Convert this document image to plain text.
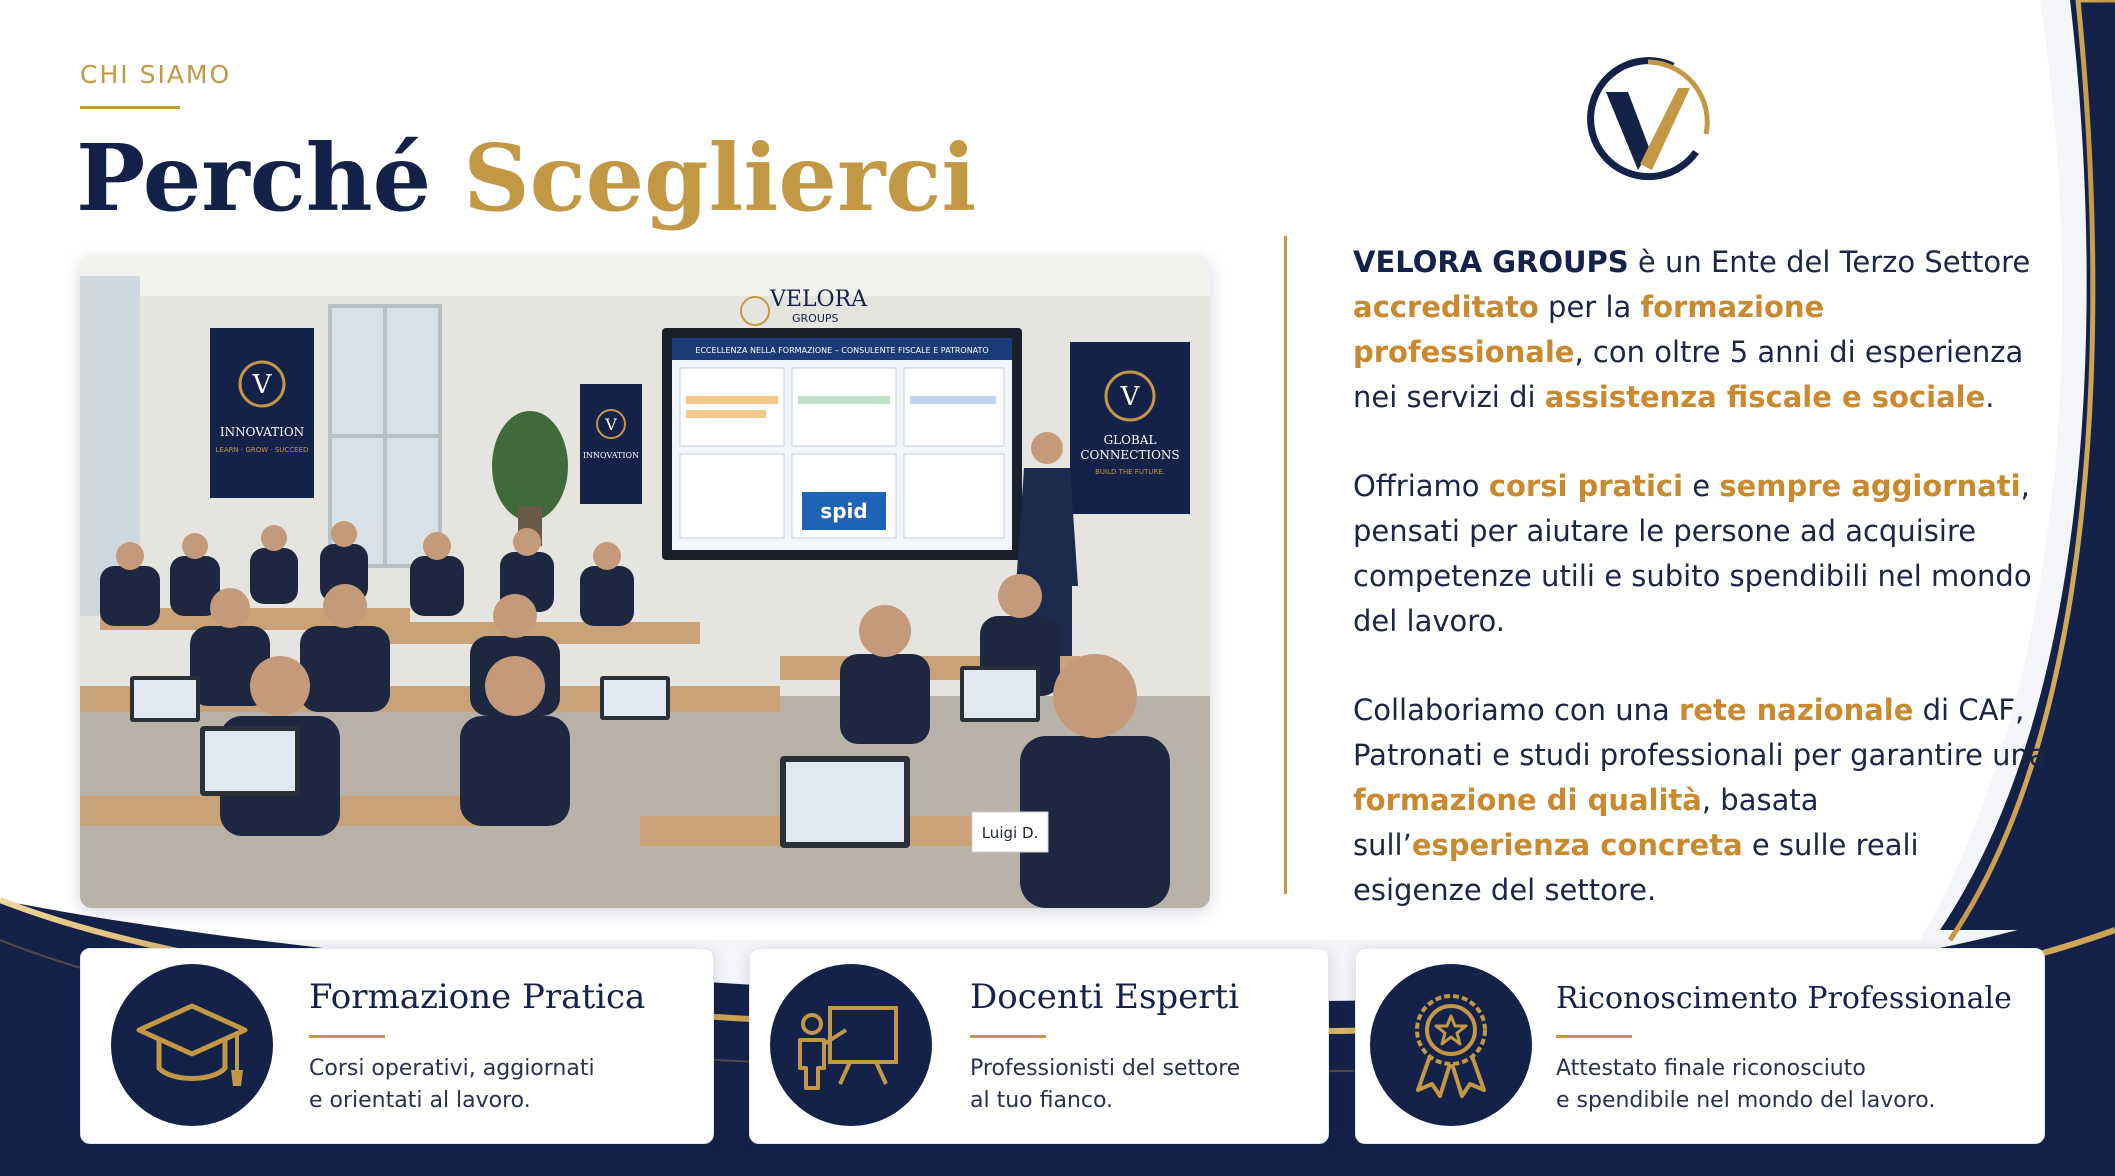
CHI SIAMO
Perché Sceglierci
V
INNOVATION
LEARN · GROW · SUCCEED
V
INNOVATION
VELORA
GROUPS
ECCELLENZA NELLA FORMAZIONE – CONSULENTE FISCALE E PATRONATO
spid
V
GLOBAL
CONNECTIONS
BUILD THE FUTURE.
Luigi D.

VELORA GROUPS è un Ente del Terzo Settore accreditato per la formazione professionale, con oltre 5 anni di esperienza nei servizi di assistenza fiscale e sociale.

Offriamo corsi pratici e sempre aggiornati, pensati per aiutare le persone ad acquisire competenze utili e subito spendibili nel mondo del lavoro.

Collaboriamo con una rete nazionale di CAF, Patronati e studi professionali per garantire una formazione di qualità, basata sull’esperienza concreta e sulle reali esigenze del settore.

Formazione Pratica
Corsi operativi, aggiornati
e orientati al lavoro.
Docenti Esperti
Professionisti del settore
al tuo fianco.
Riconoscimento Professionale
Attestato finale riconosciuto
e spendibile nel mondo del lavoro.
